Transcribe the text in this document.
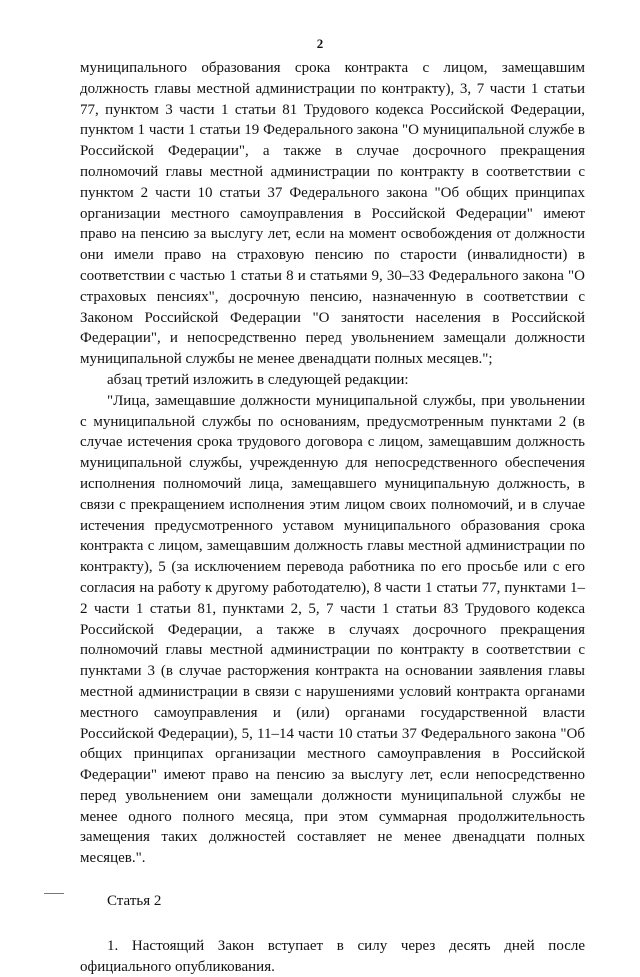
2

муниципального образования срока контракта с лицом, замещавшим должность главы местной администрации по контракту), 3, 7 части 1 статьи 77, пунктом 3 части 1 статьи 81 Трудового кодекса Российской Федерации, пунктом 1 части 1 статьи 19 Федерального закона "О муниципальной службе в Российской Федерации", а также в случае досрочного прекращения полномочий главы местной администрации по контракту в соответствии с пунктом 2 части 10 статьи 37 Федерального закона "Об общих принципах организации местного самоуправления в Российской Федерации" имеют право на пенсию за выслугу лет, если на момент освобождения от должности они имели право на страховую пенсию по старости (инвалидности) в соответствии с частью 1 статьи 8 и статьями 9, 30–33 Федерального закона "О страховых пенсиях", досрочную пенсию, назначенную в соответствии с Законом Российской Федерации "О занятости населения в Российской Федерации", и непосредственно перед увольнением замещали должности муниципальной службы не менее двенадцати полных месяцев.";

абзац третий изложить в следующей редакции:

"Лица, замещавшие должности муниципальной службы, при увольнении с муниципальной службы по основаниям, предусмотренным пунктами 2 (в случае истечения срока трудового договора с лицом, замещавшим должность муниципальной службы, учрежденную для непосредственного обеспечения исполнения полномочий лица, замещавшего муниципальную должность, в связи с прекращением исполнения этим лицом своих полномочий, и в случае истечения предусмотренного уставом муниципального образования срока контракта с лицом, замещавшим должность главы местной администрации по контракту), 5 (за исключением перевода работника по его просьбе или с его согласия на работу к другому работодателю), 8 части 1 статьи 77, пунктами 1–2 части 1 статьи 81, пунктами 2, 5, 7 части 1 статьи 83 Трудового кодекса Российской Федерации, а также в случаях досрочного прекращения полномочий главы местной администрации по контракту в соответствии с пунктами 3 (в случае расторжения контракта на основании заявления главы местной администрации в связи с нарушениями условий контракта органами местного самоуправления и (или) органами государственной власти Российской Федерации), 5, 11–14 части 10 статьи 37 Федерального закона "Об общих принципах организации местного самоуправления в Российской Федерации" имеют право на пенсию за выслугу лет, если непосредственно перед увольнением они замещали должности муниципальной службы не менее одного полного месяца, при этом суммарная продолжительность замещения таких должностей составляет не менее двенадцати полных месяцев.".

Статья 2

1. Настоящий Закон вступает в силу через десять дней после официального опубликования.
